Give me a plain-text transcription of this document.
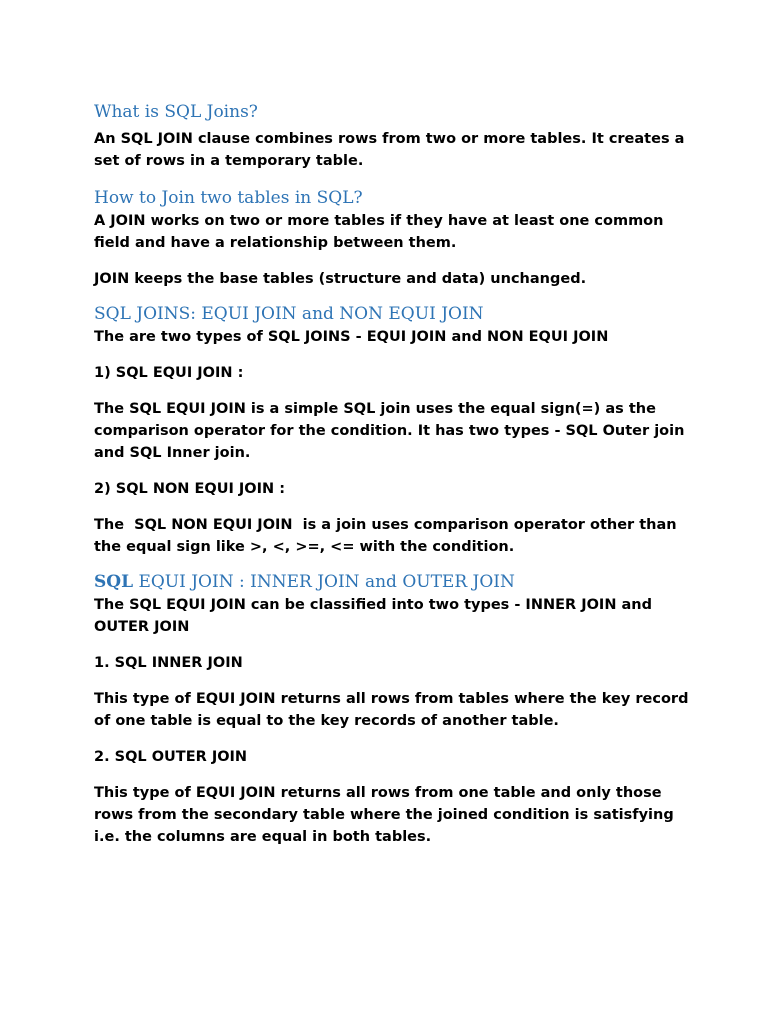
What is SQL Joins?

An SQL JOIN clause combines rows from two or more tables. It creates a set of rows in a temporary table.

How to Join two tables in SQL?

A JOIN works on two or more tables if they have at least one common field and have a relationship between them.

JOIN keeps the base tables (structure and data) unchanged.

SQL JOINS: EQUI JOIN and NON EQUI JOIN

The are two types of SQL JOINS - EQUI JOIN and NON EQUI JOIN

1) SQL EQUI JOIN :

The SQL EQUI JOIN is a simple SQL join uses the equal sign(=) as the comparison operator for the condition. It has two types - SQL Outer join and SQL Inner join.

2) SQL NON EQUI JOIN :

The  SQL NON EQUI JOIN  is a join uses comparison operator other than the equal sign like >, <, >=, <= with the condition.

SQL EQUI JOIN : INNER JOIN and OUTER JOIN

The SQL EQUI JOIN can be classified into two types - INNER JOIN and OUTER JOIN

1. SQL INNER JOIN

This type of EQUI JOIN returns all rows from tables where the key record of one table is equal to the key records of another table.

2. SQL OUTER JOIN

This type of EQUI JOIN returns all rows from one table and only those rows from the secondary table where the joined condition is satisfying i.e. the columns are equal in both tables.
